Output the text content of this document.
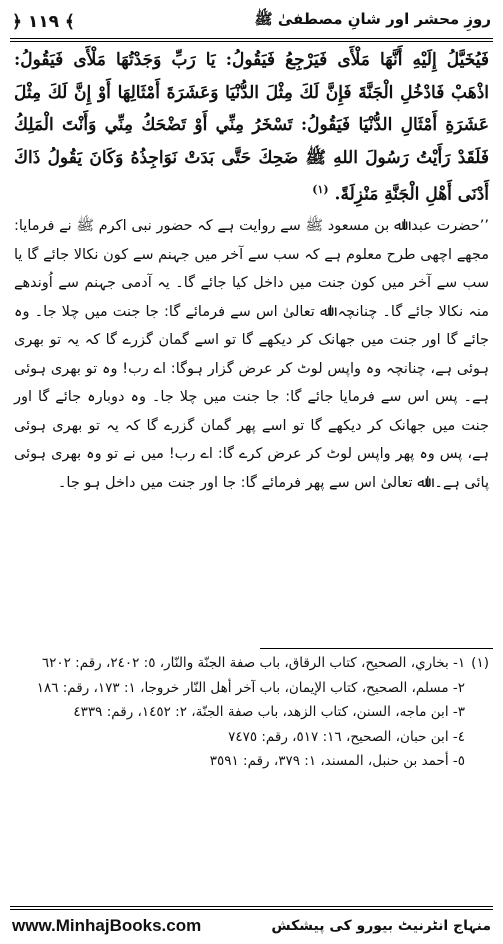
﴿ ۱۱۹ ﴾	روزِ محشر اور شانِ مصطفیٰ ﷺ
فَيُخَيَّلُ إِلَيْهِ أَنَّهَا مَلْأَى فَيَرْجِعُ فَيَقُولُ: يَا رَبِّ وَجَدْتُهَا مَلْأَى فَيَقُولُ: اذْهَبْ فَادْخُلِ الْجَنَّةَ فَإِنَّ لَكَ مِثْلَ الدُّنْيَا وَعَشَرَةَ أَمْثَالِهَا أَوْ إِنَّ لَكَ مِثْلَ عَشَرَةِ أَمْثَالِ الدُّنْيَا فَيَقُولُ: تَسْخَرُ مِنِّي أَوْ تَضْحَكُ مِنِّي وَأَنْتَ الْمَلِكُ فَلَقَدْ رَأَيْتُ رَسُولَ اللهِ ﷺ ضَحِكَ حَتَّى بَدَتْ نَوَاجِذُهُ وَكَانَ يَقُولُ ذَاكَ أَدْنَى أَهْلِ الْجَنَّةِ مَنْزِلَةً. $^{(١)}$
’’حضرت عبد اﷲ بن مسعود ﷺ سے روایت ہے کہ حضور نبی اکرم ﷺ نے فرمایا: مجھے اچھی طرح معلوم ہے کہ سب سے آخر میں جہنم سے کون نکالا جائے گا یا سب سے آخر میں کون جنت میں داخل کیا جائے گا۔ یہ آدمی جہنم سے اُوندھے منہ نکالا جائے گا۔ چنانچہ اﷲ تعالیٰ اس سے فرمائے گا: جا جنت میں چلا جا۔ وہ جائے گا اور جنت میں جھانک کر دیکھے گا تو اسے گمان گزرے گا کہ یہ تو بھری ہوئی ہے، چنانچہ وہ واپس لوٹ کر عرض گزار ہوگا: اے رب! وہ تو بھری ہوئی ہے۔ پس اس سے فرمایا جائے گا: جا جنت میں چلا جا۔ وہ دوبارہ جائے گا اور جنت میں جھانک کر دیکھے گا تو اسے پھر گمان گزرے گا کہ یہ تو بھری ہوئی ہے، پس وہ پھر واپس لوٹ کر عرض کرے گا: اے رب! میں نے تو وہ بھری ہوئی پائی ہے۔ اﷲ تعالیٰ اس سے پھر فرمائے گا: جا اور جنت میں داخل ہو جا۔
(١)
١- بخاري، الصحيح، كتاب الرقاق، باب صفة الجنّة والنّار، ٥: ٢٤٠٢، رقم: ٦٢٠٢
٢- مسلم، الصحيح، كتاب الإيمان، باب آخر أهل النّار خروجا، ١: ١٧٣، رقم: ١٨٦
٣- ابن ماجه، السنن، كتاب الزهد، باب صفة الجنّة، ٢: ١٤٥٢، رقم: ٤٣٣٩
٤- ابن حبان، الصحيح، ١٦: ٥١٧، رقم: ٧٤٧٥
٥- أحمد بن حنبل، المسند، ١: ٣٧٩، رقم: ٣٥٩١
www.MinhajBooks.com	منہاج انٹرنیٹ بیورو کی پیشکش
